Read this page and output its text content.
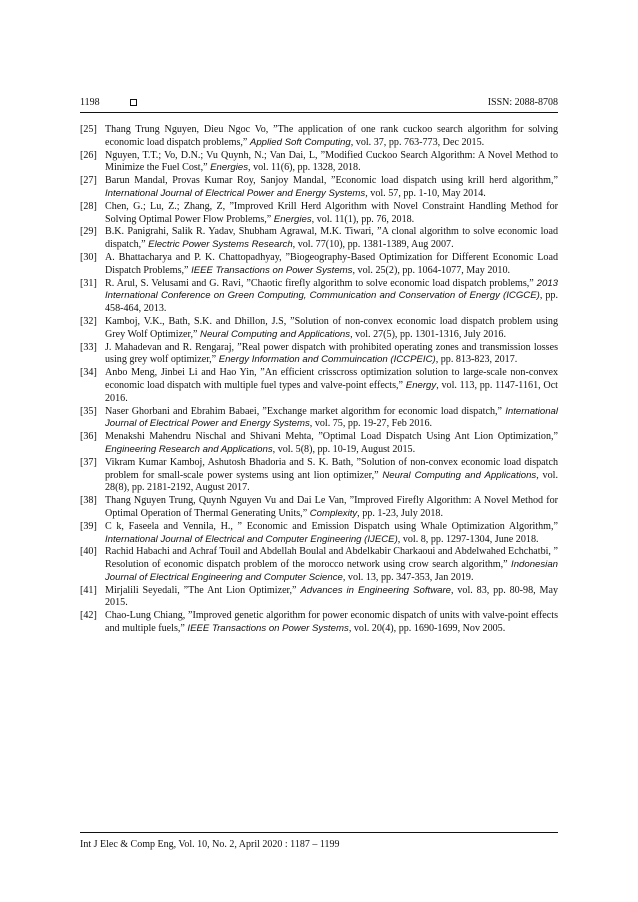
1198	ISSN: 2088-8708
[25] Thang Trung Nguyen, Dieu Ngoc Vo, ”The application of one rank cuckoo search algorithm for solving economic load dispatch problems,” Applied Soft Computing, vol. 37, pp. 763-773, Dec 2015.
[26] Nguyen, T.T.; Vo, D.N.; Vu Quynh, N.; Van Dai, L, ”Modified Cuckoo Search Algorithm: A Novel Method to Minimize the Fuel Cost,” Energies, vol. 11(6), pp. 1328, 2018.
[27] Barun Mandal, Provas Kumar Roy, Sanjoy Mandal, ”Economic load dispatch using krill herd algorithm,” International Journal of Electrical Power and Energy Systems, vol. 57, pp. 1-10, May 2014.
[28] Chen, G.; Lu, Z.; Zhang, Z, ”Improved Krill Herd Algorithm with Novel Constraint Handling Method for Solving Optimal Power Flow Problems,” Energies, vol. 11(1), pp. 76, 2018.
[29] B.K. Panigrahi, Salik R. Yadav, Shubham Agrawal, M.K. Tiwari, ”A clonal algorithm to solve economic load dispatch,” Electric Power Systems Research, vol. 77(10), pp. 1381-1389, Aug 2007.
[30] A. Bhattacharya and P. K. Chattopadhyay, ”Biogeography-Based Optimization for Different Economic Load Dispatch Problems,” IEEE Transactions on Power Systems, vol. 25(2), pp. 1064-1077, May 2010.
[31] R. Arul, S. Velusami and G. Ravi, ”Chaotic firefly algorithm to solve economic load dispatch problems,” 2013 International Conference on Green Computing, Communication and Conservation of Energy (ICGCE), pp. 458-464, 2013.
[32] Kamboj, V.K., Bath, S.K. and Dhillon, J.S, ”Solution of non-convex economic load dispatch problem using Grey Wolf Optimizer,” Neural Computing and Applications, vol. 27(5), pp. 1301-1316, July 2016.
[33] J. Mahadevan and R. Rengaraj, ”Real power dispatch with prohibited operating zones and transmission losses using grey wolf optimizer,” Energy Information and Commuincation (ICCPEIC), pp. 813-823, 2017.
[34] Anbo Meng, Jinbei Li and Hao Yin, ”An efficient crisscross optimization solution to large-scale non-convex economic load dispatch with multiple fuel types and valve-point effects,” Energy, vol. 113, pp. 1147-1161, Oct 2016.
[35] Naser Ghorbani and Ebrahim Babaei, ”Exchange market algorithm for economic load dispatch,” International Journal of Electrical Power and Energy Systems, vol. 75, pp. 19-27, Feb 2016.
[36] Menakshi Mahendru Nischal and Shivani Mehta, ”Optimal Load Dispatch Using Ant Lion Optimization,” Engineering Research and Applications, vol. 5(8), pp. 10-19, August 2015.
[37] Vikram Kumar Kamboj, Ashutosh Bhadoria and S. K. Bath, ”Solution of non-convex economic load dispatch problem for small-scale power systems using ant lion optimizer,” Neural Computing and Applications, vol. 28(8), pp. 2181-2192, August 2017.
[38] Thang Nguyen Trung, Quynh Nguyen Vu and Dai Le Van, ”Improved Firefly Algorithm: A Novel Method for Optimal Operation of Thermal Generating Units,” Complexity, pp. 1-23, July 2018.
[39] C k, Faseela and Vennila, H., ” Economic and Emission Dispatch using Whale Optimization Algorithm,” International Journal of Electrical and Computer Engineering (IJECE), vol. 8, pp. 1297-1304, June 2018.
[40] Rachid Habachi and Achraf Touil and Abdellah Boulal and Abdelkabir Charkaoui and Abdelwahed Echchatbi, ” Resolution of economic dispatch problem of the morocco network using crow search algorithm,” Indonesian Journal of Electrical Engineering and Computer Science, vol. 13, pp. 347-353, Jan 2019.
[41] Mirjalili Seyedali, ”The Ant Lion Optimizer,” Advances in Engineering Software, vol. 83, pp. 80-98, May 2015.
[42] Chao-Lung Chiang, ”Improved genetic algorithm for power economic dispatch of units with valve-point effects and multiple fuels,” IEEE Transactions on Power Systems, vol. 20(4), pp. 1690-1699, Nov 2005.
Int J Elec & Comp Eng, Vol. 10, No. 2, April 2020 : 1187 – 1199
